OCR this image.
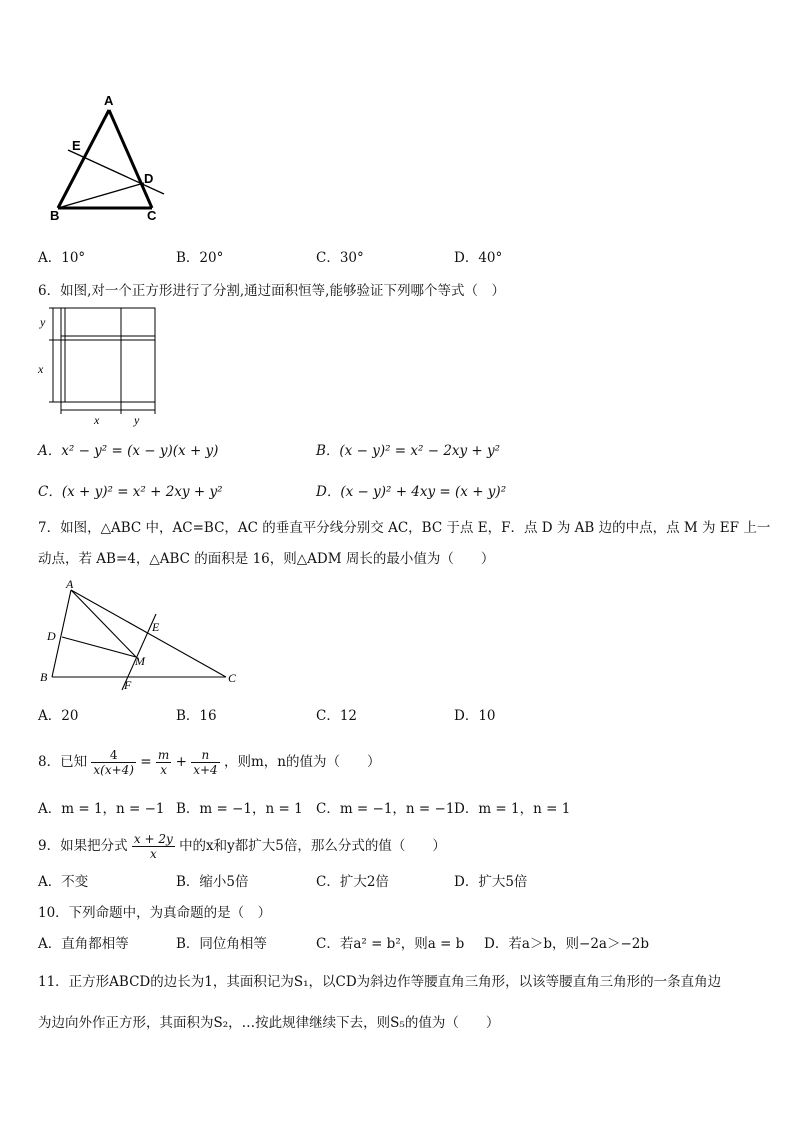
A
E
D
B	C
A．10°	B．20°	C．30°	D．40°
6．如图,对一个正方形进行了分割,通过面积恒等,能够验证下列哪个等式（　）
y
x
x	y
A．x² − y² = (x − y)(x + y)	B．(x − y)² = x² − 2xy + y²
C．(x + y)² = x² + 2xy + y²	D．(x − y)² + 4xy = (x + y)²
7．如图，△ABC 中，AC=BC，AC 的垂直平分线分别交 AC，BC 于点 E，F．点 D 为 AB 边的中点，点 M 为 EF 上一
动点，若 AB=4，△ABC 的面积是 16，则△ADM 周长的最小值为（　　）
A
D
B
E
M
F	C
A．20	B．16	C．12	D．10
8．已知 $\frac{4}{x(x+4)} = \frac{m}{x} + \frac{n}{x+4}$ ，则m，n的值为（　　）
A．m = 1，n = −1 B．m = −1，n = 1 C．m = −1，n = −1 D．m = 1，n = 1
9．如果把分式 $\frac{x + 2y}{x}$ 中的x和y都扩大5倍，那么分式的值（　　）
A．不变	B．缩小5倍	C．扩大2倍	D．扩大5倍
10．下列命题中，为真命题的是（　）
A．直角都相等	B．同位角相等	C．若a² = b²，则a = b D．若a＞b，则−2a＞−2b
11．正方形ABCD的边长为1，其面积记为S₁，以CD为斜边作等腰直角三角形，以该等腰直角三角形的一条直角边
为边向外作正方形，其面积为S₂，…按此规律继续下去，则S₅的值为（　　）
